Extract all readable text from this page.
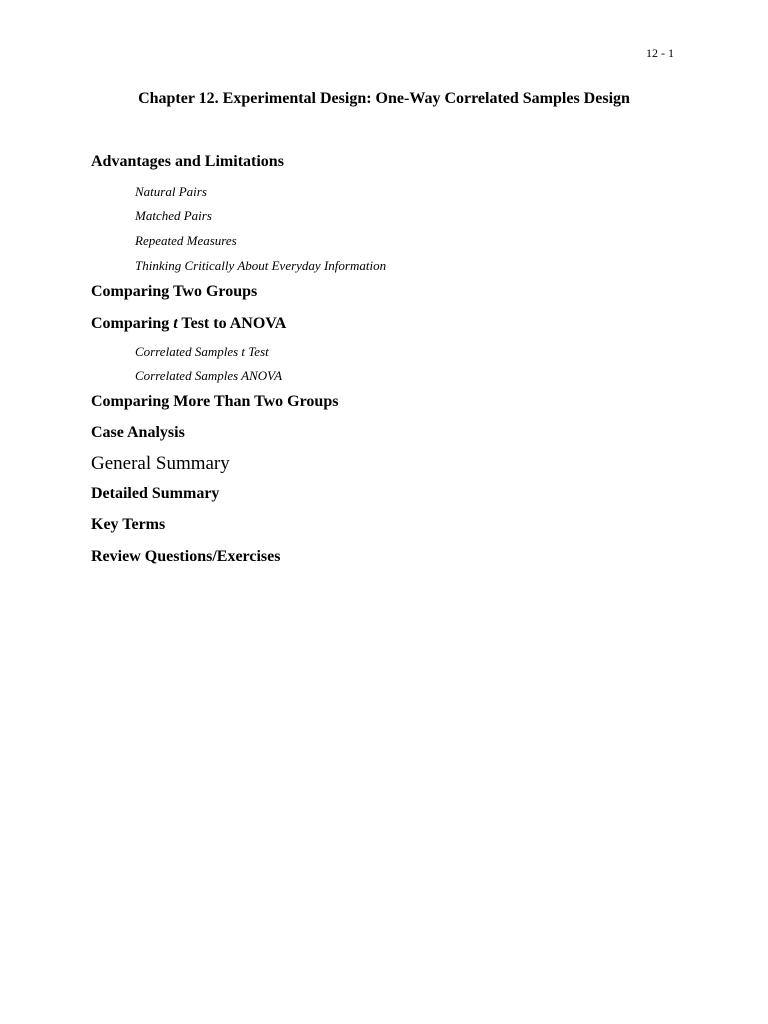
12 - 1
Chapter 12. Experimental Design: One-Way Correlated Samples Design

Advantages and Limitations

Natural Pairs

Matched Pairs

Repeated Measures

Thinking Critically About Everyday Information

Comparing Two Groups

Comparing t Test to ANOVA

Correlated Samples t Test

Correlated Samples ANOVA

Comparing More Than Two Groups

Case Analysis

General Summary

Detailed Summary

Key Terms

Review Questions/Exercises
